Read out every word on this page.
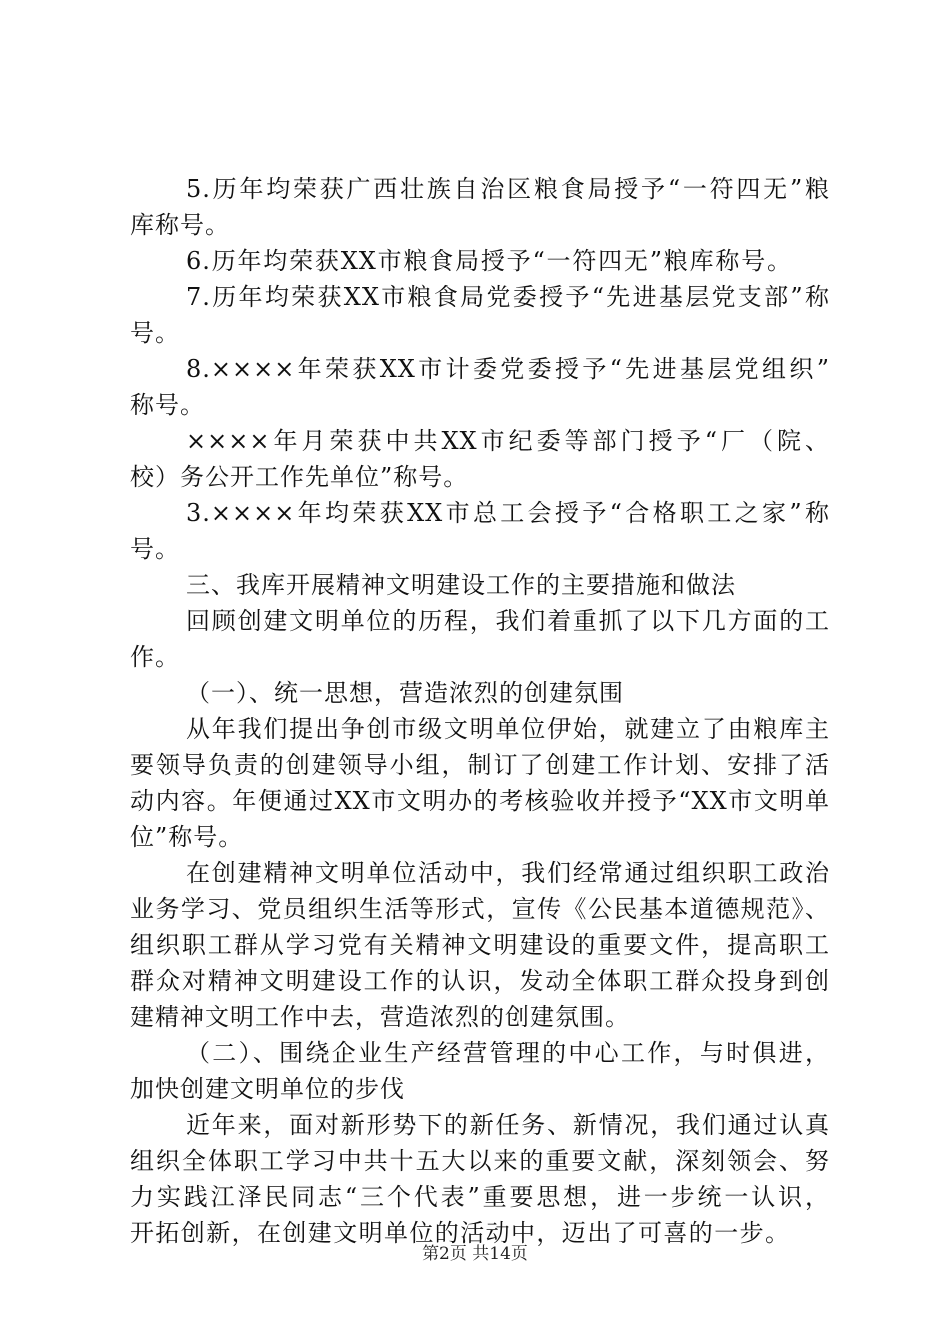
5.历年均荣获广西壮族自治区粮食局授予“一符四无”粮
库称号。
6.历年均荣获XX市粮食局授予“一符四无”粮库称号。
7.历年均荣获XX市粮食局党委授予“先进基层党支部”称
号。
8.××××年荣获XX市计委党委授予“先进基层党组织”
称号。
××××年月荣获中共XX市纪委等部门授予“厂（院、
校）务公开工作先单位”称号。
3.××××年均荣获XX市总工会授予“合格职工之家”称
号。
三、我库开展精神文明建设工作的主要措施和做法
回顾创建文明单位的历程，我们着重抓了以下几方面的工
作。
（一）、统一思想，营造浓烈的创建氛围
从年我们提出争创市级文明单位伊始，就建立了由粮库主
要领导负责的创建领导小组，制订了创建工作计划、安排了活
动内容。年便通过XX市文明办的考核验收并授予“XX市文明单
位”称号。
在创建精神文明单位活动中，我们经常通过组织职工政治
业务学习、党员组织生活等形式，宣传《公民基本道德规范》、
组织职工群从学习党有关精神文明建设的重要文件，提高职工
群众对精神文明建设工作的认识，发动全体职工群众投身到创
建精神文明工作中去，营造浓烈的创建氛围。
（二）、围绕企业生产经营管理的中心工作，与时俱进，
加快创建文明单位的步伐
近年来，面对新形势下的新任务、新情况，我们通过认真
组织全体职工学习中共十五大以来的重要文献，深刻领会、努
力实践江泽民同志“三个代表”重要思想，进一步统一认识，
开拓创新，在创建文明单位的活动中，迈出了可喜的一步。
第2页 共14页
